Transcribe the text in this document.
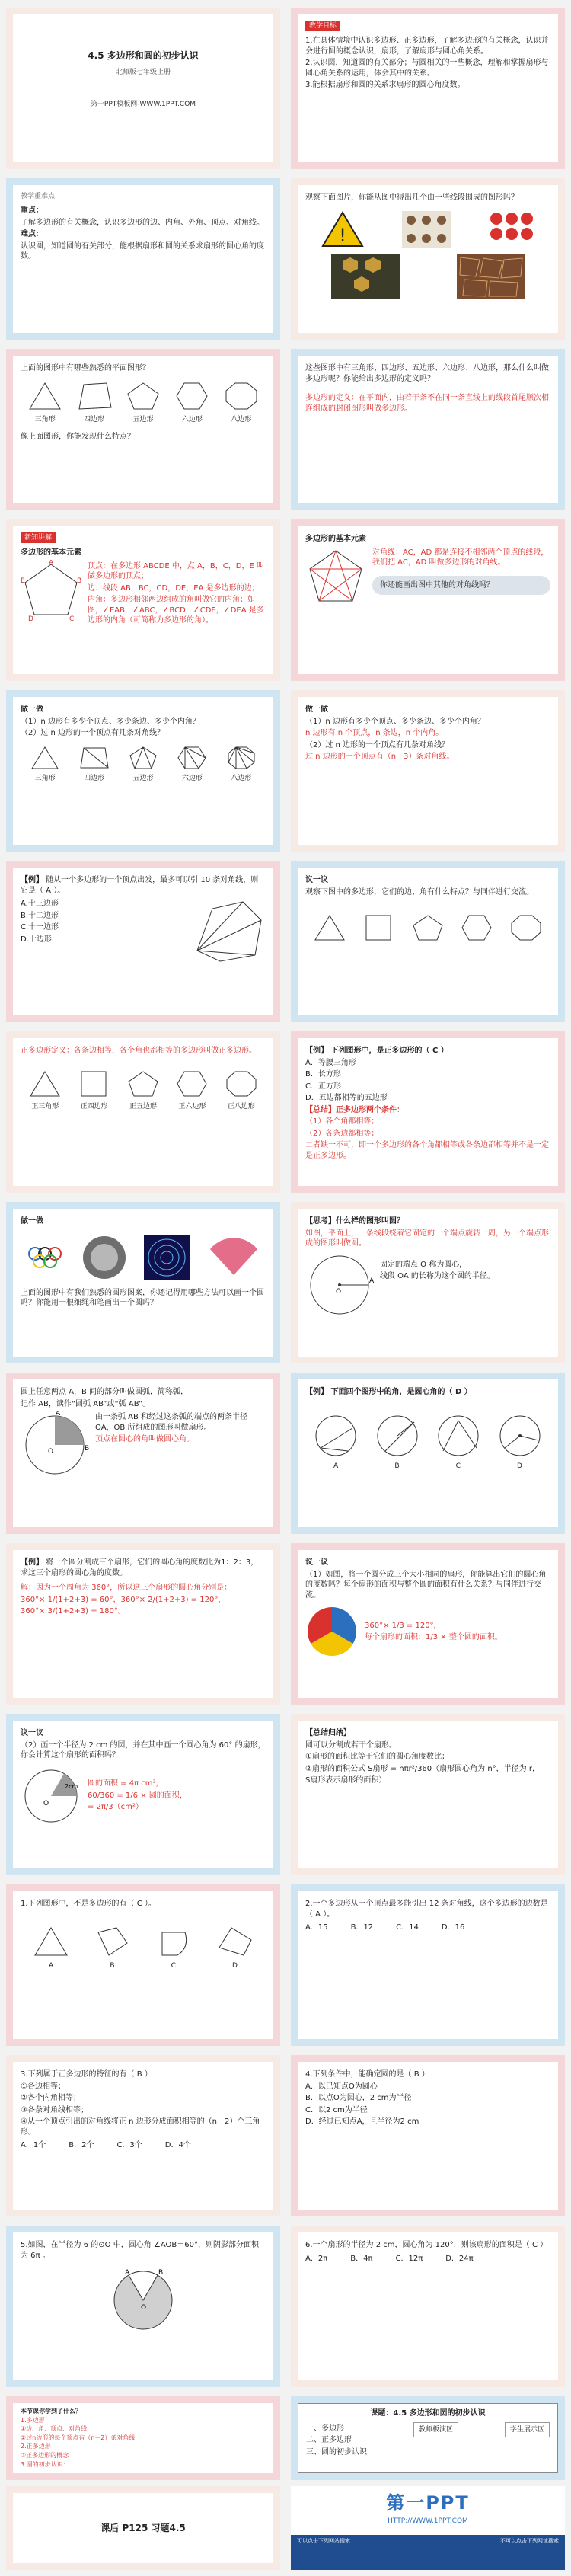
4.5 多边形和圆的初步认识
北师版七年级上册
第一PPT模板网-WWW.1PPT.COM
教学目标
1.在具体情境中认识多边形、正多边形，了解多边形的有关概念，认识并会进行圆的概念认识，扇形，了解扇形与圆心角关系。
2.认识圆，知道圆的有关部分；与圆相关的一些概念，理解和掌握扇形与圆心角关系的运用，体会其中的关系。
3.能根据扇形和圆的关系求扇形的圆心角度数。
教学重难点
重点：
了解多边形的有关概念，认识多边形的边、内角、外角、顶点、对角线。
难点：
认识圆，知道圆的有关部分，能根据扇形和圆的关系求扇形的圆心角的度数。
观察下面图片，你能从图中得出几个由一些线段围成的图形吗？
!
上面的图形中有哪些熟悉的平面图形？
三角形	四边形	五边形	六边形	八边形
像上面图形，你能发现什么特点？
这些图形中有三角形、四边形、五边形、六边形、八边形，那么什么叫做多边形呢？你能给出多边形的定义吗？
多边形的定义：在平面内，由若干条不在同一条直线上的线段首尾顺次相连组成的封闭图形叫做多边形。
新知讲解
多边形的基本元素
A
B
C
D
E
顶点：在多边形 ABCDE 中，点 A，B，C，D，E 叫做多边形的顶点；
边：线段 AB，BC，CD，DE，EA 是多边形的边；
内角：多边形相邻两边组成的角叫做它的内角；如图，∠EAB，∠ABC，∠BCD，∠CDE，∠DEA 是多边形的内角（可简称为多边形的角）。
多边形的基本元素
对角线：AC，AD 都是连接不相邻两个顶点的线段，我们把 AC，AD 叫做多边形的对角线。
你还能画出图中其他的对角线吗？
做一做
（1）n 边形有多少个顶点、多少条边、多少个内角？
（2）过 n 边形的一个顶点有几条对角线？
三角形	四边形	五边形	六边形	八边形
做一做
（1）n 边形有多少个顶点、多少条边、多少个内角？
n 边形有 n 个顶点，n 条边，n 个内角。
（2）过 n 边形的一个顶点有几条对角线？
过 n 边形的一个顶点有（n－3）条对角线。
【例】 随从一个多边形的一个顶点出发，最多可以引 10 条对角线，则它是（ A ）。
A.十三边形
B.十二边形
C.十一边形
D.十边形
议一议
观察下图中的多边形，它们的边、角有什么特点？与同伴进行交流。
正多边形定义：各条边相等，各个角也都相等的多边形叫做正多边形。
正三角形	正四边形	正五边形	正六边形	正八边形
【例】 下列图形中，是正多边形的（ C ）
A．等腰三角形
B．长方形
C．正方形
D．五边都相等的五边形
【总结】正多边形两个条件：
（1）各个角都相等；
（2）各条边都相等；
二者缺一不可，即一个多边形的各个角都相等或各条边都相等并不是一定是正多边形。
做一做
上面的图形中有我们熟悉的圆形图案，你还记得用哪些方法可以画一个圆吗？你能用一根细绳和笔画出一个圆吗？
【思考】什么样的图形叫圆？
如图，平面上，一条线段绕着它固定的一个端点旋转一周，另一个端点形成的图形叫做圆。
O
A
固定的端点 O 称为圆心，
线段 OA 的长称为这个圆的半径。
圆上任意两点 A，B 间的部分叫做圆弧，简称弧，
记作 AB，读作“圆弧 AB”或“弧 AB”。
O
A
B
由一条弧 AB 和经过这条弧的端点的两条半径 OA，OB 所组成的图形叫做扇形。
顶点在圆心的角叫做圆心角。
【例】 下面四个图形中的角，是圆心角的（ D ）
A	B	C	D
【例】 将一个圆分割成三个扇形，它们的圆心角的度数比为1：2：3，求这三个扇形的圆心角的度数。
解：因为一个周角为 360°，所以这三个扇形的圆心角分别是：
360°× 1/(1+2+3) = 60°，360°× 2/(1+2+3) = 120°，
360°× 3/(1+2+3) = 180°。
议一议
（1）如图，将一个圆分成三个大小相同的扇形，你能算出它们的圆心角的度数吗？每个扇形的面积与整个圆的面积有什么关系？与同伴进行交流。
360°× 1/3 = 120°，
每个扇形的面积：1/3 × 整个圆的面积。
议一议
（2）画一个半径为 2 cm 的圆，并在其中画一个圆心角为 60° 的扇形，你会计算这个扇形的面积吗？
O
2cm 圆的面积 = 4π cm²，
60/360 = 1/6 × 圆的面积，
= 2π/3（cm²）
【总结归纳】
圆可以分割成若干个扇形。
①扇形的面积比等于它们的圆心角度数比；
②扇形的面积公式 S扇形 = nπr²/360（扇形圆心角为 n°，半径为 r，
S扇形表示扇形的面积）
1.下列图形中，不是多边形的有（ C ）。
A	B	C	D
2.一个多边形从一个顶点最多能引出 12 条对角线，这个多边形的边数是（ A ）。
A．15	B．12	C．14	D．16
3.下列属于正多边形的特征的有（ B ）
①各边相等；
②各个内角相等；
③各条对角线相等；
④从一个顶点引出的对角线将正 n 边形分成面积相等的（n－2）个三角形。
A．1个	B．2个	C．3个	D．4个
4.下列条件中，能确定圆的是（ B ）
A．以已知点O为圆心
B．以点O为圆心，2 cm为半径
C．以2 cm为半径
D．经过已知点A，且半径为2 cm
5.如图，在半径为 6 的⊙O 中，圆心角 ∠AOB＝60°，则阴影部分面积为 6π 。
A	B
O
6.一个扇形的半径为 2 cm，圆心角为 120°，则该扇形的面积是（ C ）
A．2π	B．4π	C．12π	D．24π
本节课你学到了什么？
1.多边形：
①边、角、顶点、对角线
②过n边形的每个顶点有（n－2）条对角线
2.正多边形
③正多边形的概念
3.圆的初步认识：
课题：4.5 多边形和圆的初步认识
一、多边形
二、正多边形
三、圆的初步认识
教师板演区	学生展示区
课后 P125 习题4.5
第一PPT
HTTP://WWW.1PPT.COM
可以点击下列网站搜索	不可以点击下列网址搜索
